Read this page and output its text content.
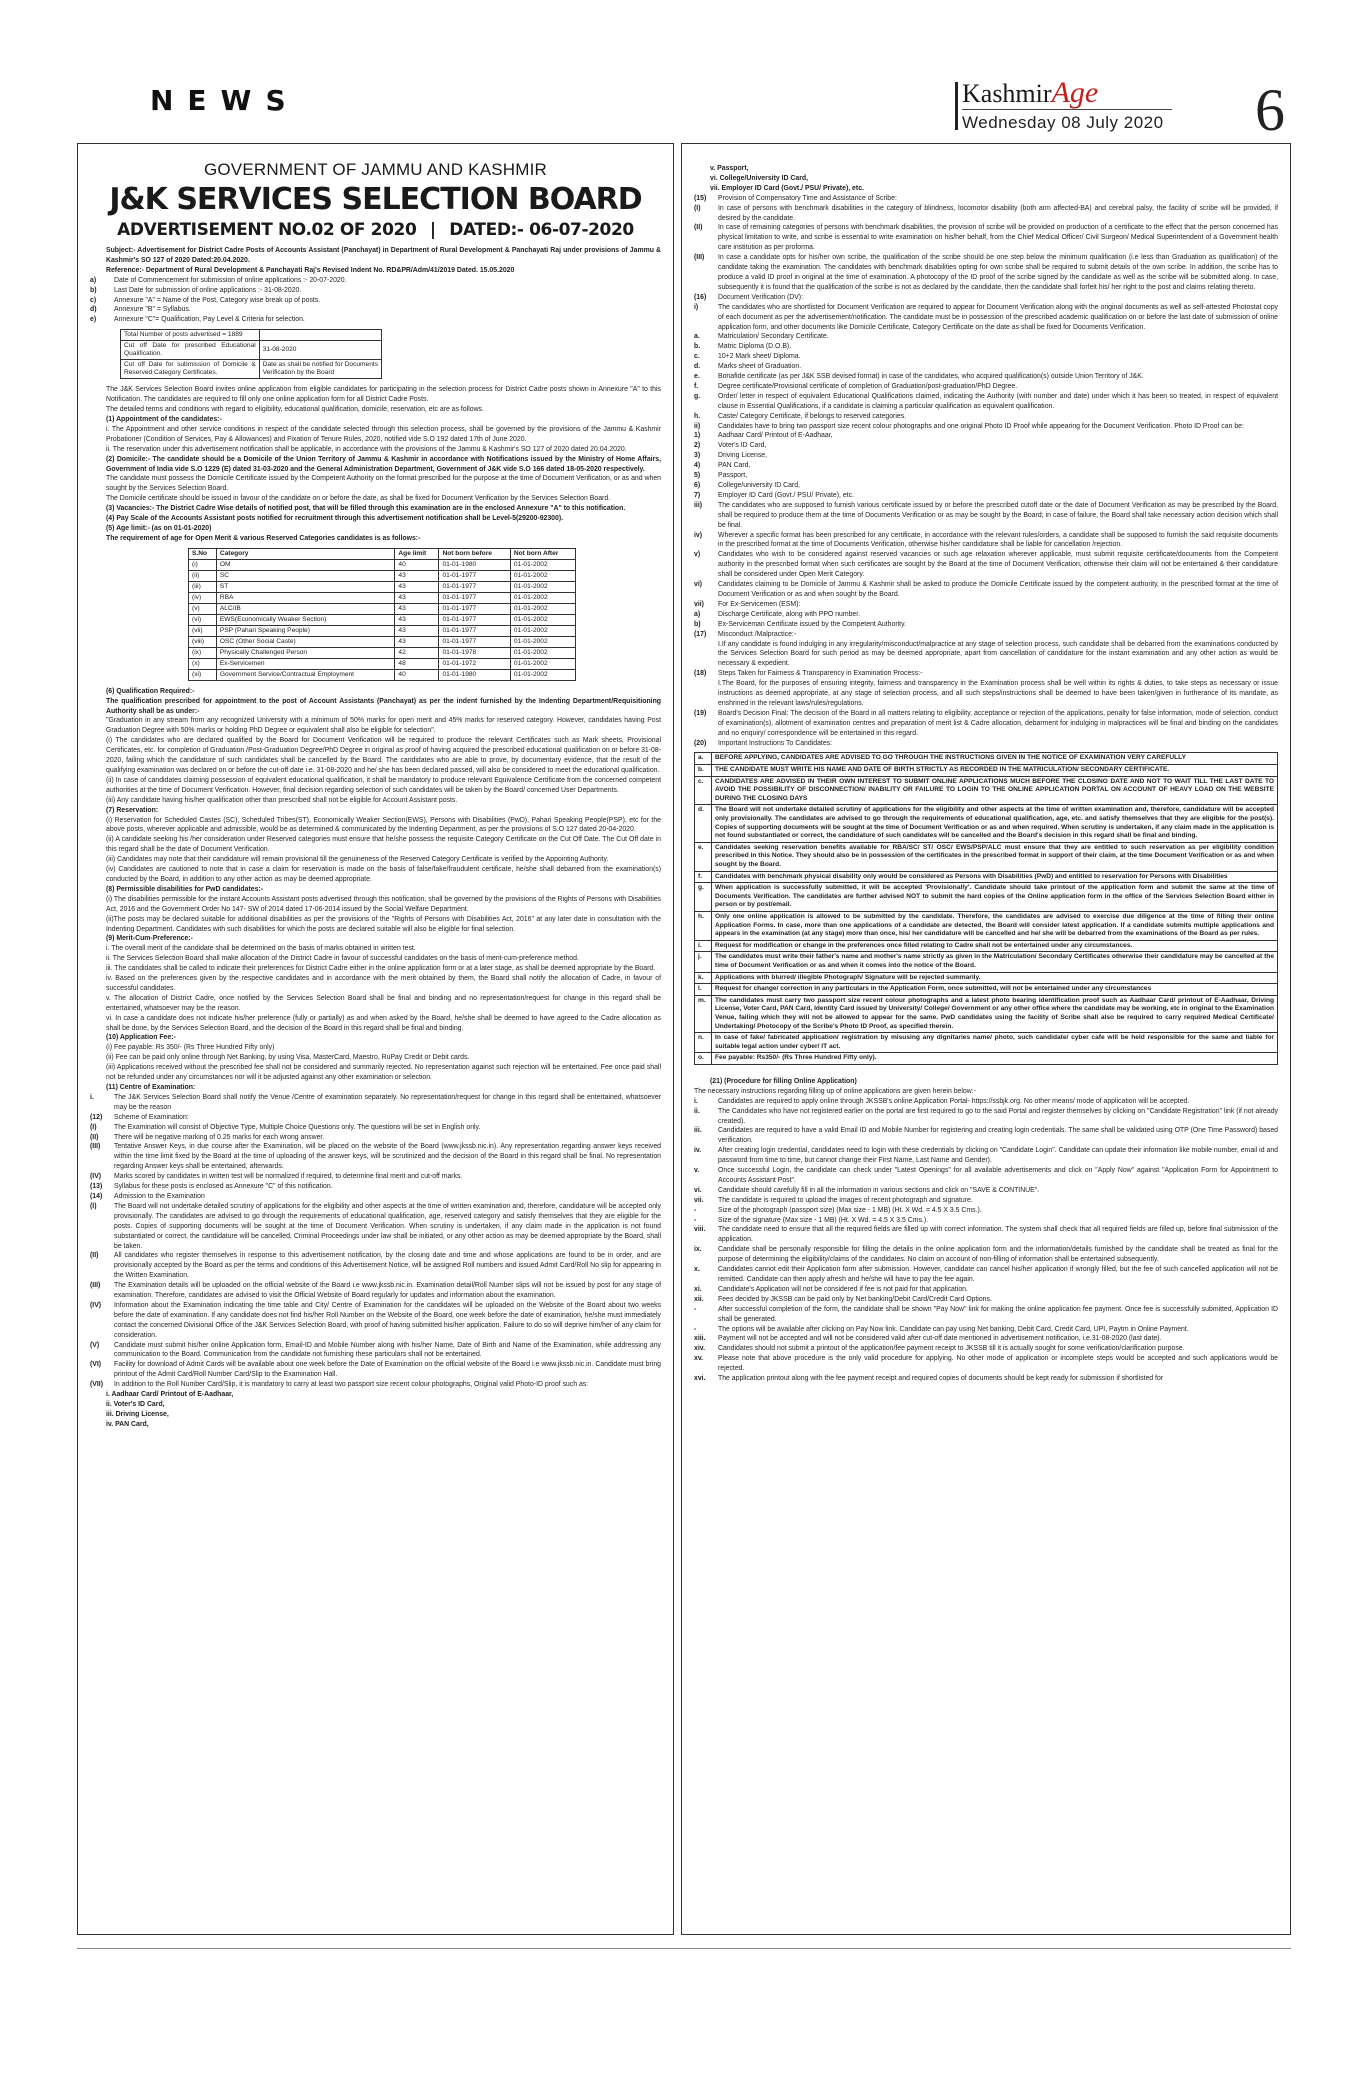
NEWS	KashmirAge
Wednesday 08 July 2020	6
GOVERNMENT OF JAMMU AND KASHMIR
J&K SERVICES SELECTION BOARD
ADVERTISEMENT NO.02 OF 2020 | DATED:- 06-07-2020

Subject:- Advertisement for District Cadre Posts of Accounts Assistant (Panchayat) in Department of Rural Development & Panchayati Raj under provisions of Jammu & Kashmir's SO 127 of 2020 Dated:20.04.2020.

Reference:- Department of Rural Development & Panchayati Raj's Revised Indent No. RD&PR/Adm/41/2019 Dated. 15.05.2020

a)	Date of Commencement for submission of online applications :- 20-07-2020.
b)	Last Date for submission of online applications :- 31-08-2020.
c)	Annexure "A" = Name of the Post, Category wise break up of posts.
d)	Annexure "B" = Syllabus.
e)	Annexure "C"= Qualification, Pay Level & Criteria for selection.
Total Number of posts advertised = 1889	
Cut off Date for prescribed Educational Qualification.	31-08-2020
Cut off Date for submission of Domicile & Reserved Category Certificates.	Date as shall be notified for Documents Verification by the Board

The J&K Services Selection Board invites online application from eligible candidates for participating in the selection process for District Cadre posts shown in Annexure "A" to this Notification. The candidates are required to fill only one online application form for all District Cadre Posts.

The detailed terms and conditions with regard to eligibility, educational qualification, domicile, reservation, etc are as follows.

(1) Appointment of the candidates:-

i. The Appointment and other service conditions in respect of the candidate selected through this selection process, shall be governed by the provisions of the Jammu & Kashmir Probationer (Condition of Services, Pay & Allowances) and Fixation of Tenure Rules, 2020, notified vide S.O 192 dated 17th of June 2020.

ii. The reservation under this advertisement notification shall be applicable, in accordance with the provisions of the Jammu & Kashmir's SO 127 of 2020 dated 20.04.2020.

(2) Domicile:- The candidate should be a Domicile of the Union Territory of Jammu & Kashmir in accordance with Notifications issued by the Ministry of Home Affairs, Government of India vide S.O 1229 (E) dated 31-03-2020 and the General Administration Department, Government of J&K vide S.O 166 dated 18-05-2020 respectively.

The candidate must possess the Domicile Certificate issued by the Competent Authority on the format prescribed for the purpose at the time of Document Verification, or as and when sought by the Services Selection Board.

The Domicile certificate should be issued in favour of the candidate on or before the date, as shall be fixed for Document Verification by the Services Selection Board.

(3) Vacancies:- The District Cadre Wise details of notified post, that will be filled through this examination are in the enclosed Annexure "A" to this notification.

(4) Pay Scale of the Accounts Assistant posts notified for recruitment through this advertisement notification shall be Level-5(29200-92300).

(5) Age limit:- (as on 01-01-2020)

The requirement of age for Open Merit & various Reserved Categories candidates is as follows:-

S.No	Category	Age limit	Not born before	Not born After
(i)	OM	40	01-01-1980	01-01-2002
(ii)	SC	43	01-01-1977	01-01-2002
(iii)	ST	43	01-01-1977	01-01-2002
(iv)	RBA	43	01-01-1977	01-01-2002
(v)	ALC/IB	43	01-01-1977	01-01-2002
(vi)	EWS(Economically Weaker Section)	43	01-01-1977	01-01-2002
(vii)	PSP (Pahari Speaking People)	43	01-01-1977	01-01-2002
(viii)	OSC (Other Social Caste)	43	01-01-1977	01-01-2002
(ix)	Physically Challenged Person	42	01-01-1978	01-01-2002
(x)	Ex-Servicemen	48	01-01-1972	01-01-2002
(xi)	Government Service/Contractual Employment	40	01-01-1980	01-01-2002

(6) Qualification Required:-

The qualification prescribed for appointment to the post of Account Assistants (Panchayat) as per the indent furnished by the Indenting Department/Requisitioning Authority shall be as under:-

"Graduation in any stream from any recognized University with a minimum of 50% marks for open merit and 45% marks for reserved category. However, candidates having Post Graduation Degree with 50% marks or holding PhD Degree or equivalent shall also be eligible for selection".

(i) The candidates who are declared qualified by the Board for Document Verification will be required to produce the relevant Certificates such as Mark sheets, Provisional Certificates, etc. for completion of Graduation /Post-Graduation Degree/PhD Degree in original as proof of having acquired the prescribed educational qualification on or before 31-08-2020, failing which the candidature of such candidates shall be cancelled by the Board. The candidates who are able to prove, by documentary evidence, that the result of the qualifying examination was declared on or before the cut-off date i.e. 31-08-2020 and he/ she has been declared passed, will also be considered to meet the educational qualification.

(ii) In case of candidates claiming possession of equivalent educational qualification, it shall be mandatory to produce relevant Equivalence Certificate from the concerned competent authorities at the time of Document Verification. However, final decision regarding selection of such candidates will be taken by the Board/ concerned User Departments.

(iii) Any candidate having his/her qualification other than prescribed shall not be eligible for Account Assistant posts.

(7) Reservation:

(i) Reservation for Scheduled Castes (SC), Scheduled Tribes(ST), Economically Weaker Section(EWS), Persons with Disabilities (PwD), Pahari Speaking People(PSP), etc for the above posts, wherever applicable and admissible, would be as determined & communicated by the Indenting Department, as per the provisions of S.O 127 dated 20-04-2020.

(ii) A candidate seeking his /her consideration under Reserved categories must ensure that he/she possess the requisite Category Certificate on the Cut Off Date. The Cut Off date in this regard shall be the date of Document Verification.

(iii) Candidates may note that their candidature will remain provisional till the genuineness of the Reserved Category Certificate is verified by the Appointing Authority.

(iv) Candidates are cautioned to note that in case a claim for reservation is made on the basis of false/fake/fraudulent certificate, he/she shall debarred from the examination(s) conducted by the Board, in addition to any other action as may be deemed appropriate.

(8) Permissible disabilities for PwD candidates:-

(i) The disabilities permissible for the instant Accounts Assistant posts advertised through this notification, shall be governed by the provisions of the Rights of Persons with Disabilities Act, 2016 and the Government Order No 147- SW of 2014 dated 17-06-2014 issued by the Social Welfare Department.

(ii)The posts may be declared suitable for additional disabilities as per the provisions of the "Rights of Persons with Disabilities Act, 2016" at any later date in consultation with the Indenting Department. Candidates with such disabilities for which the posts are declared suitable will also be eligible for final selection.

(9) Merit-Cum-Preference:-

i. The overall merit of the candidate shall be determined on the basis of marks obtained in written test.

ii. The Services Selection Board shall make allocation of the District Cadre in favour of successful candidates on the basis of merit-cum-preference method.

iii. The candidates shall be called to indicate their preferences for District Cadre either in the online application form or at a later stage, as shall be deemed appropriate by the Board.

iv. Based on the preferences given by the respective candidates and in accordance with the merit obtained by them, the Board shall notify the allocation of Cadre, in favour of successful candidates.

v. The allocation of District Cadre, once notified by the Services Selection Board shall be final and binding and no representation/request for change in this regard shall be entertained, whatsoever may be the reason.

vi. In case a candidate does not indicate his/her preference (fully or partially) as and when asked by the Board, he/she shall be deemed to have agreed to the Cadre allocation as shall be done, by the Services Selection Board, and the decision of the Board in this regard shall be final and binding.

(10) Application Fee:-

(i) Fee payable: Rs 350/- (Rs Three Hundred Fifty only)

(ii) Fee can be paid only online through Net Banking, by using Visa, MasterCard, Maestro, RuPay Credit or Debit cards.

(iii) Applications received without the prescribed fee shall not be considered and summarily rejected. No representation against such rejection will be entertained. Fee once paid shall not be refunded under any circumstances nor will it be adjusted against any other examination or selection.

(11) Centre of Examination:

i.	The J&K Services Selection Board shall notify the Venue /Centre of examination separately. No representation/request for change in this regard shall be entertained, whatsoever may be the reason
(12)	Scheme of Examination:
(I)	The Examination will consist of Objective Type, Multiple Choice Questions only. The questions will be set in English only.
(II)	There will be negative marking of 0.25 marks for each wrong answer.
(III)	Tentative Answer Keys, in due course after the Examination, will be placed on the website of the Board (www.jkssb.nic.in). Any representation regarding answer keys received within the time limit fixed by the Board at the time of uploading of the answer keys, will be scrutinized and the decision of the Board in this regard shall be final. No representation regarding Answer keys shall be entertained, afterwards.
(IV)	Marks scored by candidates in written test will be normalized if required, to determine final merit and cut-off marks.
(13)	Syllabus for these posts is enclosed as Annexure "C" of this notification.
(14)	Admission to the Examination
(I)	The Board will not undertake detailed scrutiny of applications for the eligibility and other aspects at the time of written examination and, therefore, candidature will be accepted only provisionally. The candidates are advised to go through the requirements of educational qualification, age, reserved category and satisfy themselves that they are eligible for the posts. Copies of supporting documents will be sought at the time of Document Verification. When scrutiny is undertaken, if any claim made in the application is not found substantiated or correct, the candidature will be cancelled, Criminal Proceedings under law shall be initiated, or any other action as may be deemed appropriate by the Board, shall be taken.
(II)	All candidates who register themselves in response to this advertisement notification, by the closing date and time and whose applications are found to be in order, and are provisionally accepted by the Board as per the terms and conditions of this Advertisement Notice, will be assigned Roll numbers and issued Admit Card/Roll No slip for appearing in the Written Examination.
(III)	The Examination details will be uploaded on the official website of the Board i.e www.jkssb.nic.in. Examination detail/Roll Number slips will not be issued by post for any stage of examination. Therefore, candidates are advised to visit the Official Website of Board regularly for updates and information about the examination.
(IV)	Information about the Examination indicating the time table and City/ Centre of Examination for the candidates will be uploaded on the Website of the Board about two weeks before the date of examination. If any candidate does not find his/her Roll Number on the Website of the Board, one week before the date of examination, he/she must immediately contact the concerned Divisional Office of the J&K Services Selection Board, with proof of having submitted his/her application. Failure to do so will deprive him/her of any claim for consideration.
(V)	Candidate must submit his/her online Application form, Email-ID and Mobile Number along with his/her Name, Date of Birth and Name of the Examination, while addressing any communication to the Board. Communication from the candidate not furnishing these particulars shall not be entertained.
(VI)	Facility for download of Admit Cards will be available about one week before the Date of Examination on the official website of the Board i.e www.jkssb.nic.in. Candidate must bring printout of the Admit Card/Roll Number Card/Slip to the Examination Hall.
(VII)	In addition to the Roll Number Card/Slip, it is mandatory to carry at least two passport size recent colour photographs, Original valid Photo-ID proof such as:

i. Aadhaar Card/ Printout of E-Aadhaar,

ii. Voter's ID Card,

iii. Driving License,

iv. PAN Card,

v. Passport,

vi. College/University ID Card,

vii. Employer ID Card (Govt./ PSU/ Private), etc.

(15)	Provision of Compensatory Time and Assistance of Scribe:
(I)	In case of persons with benchmark disabilities in the category of blindness, locomotor disability (both arm affected-BA) and cerebral palsy, the facility of scribe will be provided, if desired by the candidate.
(II)	In case of remaining categories of persons with benchmark disabilities, the provision of scribe will be provided on production of a certificate to the effect that the person concerned has physical limitation to write, and scribe is essential to write examination on his/her behalf, from the Chief Medical Officer/ Civil Surgeon/ Medical Superintendent of a Government health care institution as per proforma.
(III)	In case a candidate opts for his/her own scribe, the qualification of the scribe should be one step below the minimum qualification (i.e less than Graduation as qualification) of the candidate taking the examination. The candidates with benchmark disabilities opting for own scribe shall be required to submit details of the own scribe. In addition, the scribe has to produce a valid ID proof in original at the time of examination. A photocopy of the ID proof of the scribe signed by the candidate as well as the scribe will be submitted along. In case, subsequently it is found that the qualification of the scribe is not as declared by the candidate, then the candidate shall forfeit his/ her right to the post and claims relating thereto.
(16)	Document Verification (DV):
i)	The candidates who are shortlisted for Document Verification are required to appear for Document Verification along with the original documents as well as self-attested Photostat copy of each document as per the advertisement/notification. The candidate must be in possession of the prescribed academic qualification on or before the last date of submission of online application form, and other documents like Domicile Certificate, Category Certificate on the date as shall be fixed for Documents Verification.
a.	Matriculation/ Secondary Certificate.
b.	Matric Diploma (D.O.B).
c.	10+2 Mark sheet/ Diploma.
d.	Marks sheet of Graduation.
e.	Bonafide certificate (as per J&K SSB devised format) in case of the candidates, who acquired qualification(s) outside Union Territory of J&K.
f.	Degree certificate/Provisional certificate of completion of Graduation/post-graduation/PhD Degree.
g.	Order/ letter in respect of equivalent Educational Qualifications claimed, indicating the Authority (with number and date) under which it has been so treated, in respect of equivalent clause in Essential Qualifications, if a candidate is claiming a particular qualification as equivalent qualification.
h.	Caste/ Category Certificate, if belongs to reserved categories.
ii)	Candidates have to bring two passport size recent colour photographs and one original Photo ID Proof while appearing for the Document Verification. Photo ID Proof can be:
1)	Aadhaar Card/ Printout of E-Aadhaar,
2)	Voter's ID Card,
3)	Driving License,
4)	PAN Card,
5)	Passport,
6)	College/university ID Card,
7)	Employer ID Card (Govt./ PSU/ Private), etc.
iii)	The candidates who are supposed to furnish various certificate issued by or before the prescribed cutoff date or the date of Document Verification as may be prescribed by the Board, shall be required to produce them at the time of Documents Verification or as may be sought by the Board; in case of failure, the Board shall take necessary action decision which shall be final.
iv)	Wherever a specific format has been prescribed for any certificate, in accordance with the relevant rules/orders, a candidate shall be supposed to furnish the said requisite documents in the prescribed format at the time of Documents Verification, otherwise his/her candidature shall be liable for cancellation /rejection.
v)	Candidates who wish to be considered against reserved vacancies or such age relaxation wherever applicable, must submit requisite certificate/documents from the Competent authority in the prescribed format when such certificates are sought by the Board at the time of Document Verification, otherwise their claim will not be entertained & their candidature shall be considered under Open Merit Category.
vi)	Candidates claiming to be Domicile of Jammu & Kashmir shall be asked to produce the Domicile Certificate issued by the competent authority, in the prescribed format at the time of Document Verification or as and when sought by the Board.
vii)	For Ex-Servicemen (ESM):
a)	Discharge Certificate, along with PPO number.
b)	Ex-Serviceman Certificate issued by the Competent Authority.
(17)	Misconduct /Malpractice:-
I.If any candidate is found indulging in any irregularity/misconduct/malpractice at any stage of selection process, such candidate shall be debarred from the examinations conducted by the Services Selection Board for such period as may be deemed appropriate, apart from cancellation of candidature for the instant examination and any other action as would be necessary & expedient.
(18)	Steps Taken for Fairness & Transparency in Examination Process:-
I.The Board, for the purposes of ensuring integrity, fairness and transparency in the Examination process shall be well within its rights & duties, to take steps as necessary or issue instructions as deemed appropriate, at any stage of selection process, and all such steps/instructions shall be deemed to have been taken/given in furtherance of its mandate, as enshrined in the relevant laws/rules/regulations.
(19)	Board's Decision Final: The decision of the Board in all matters relating to eligibility, acceptance or rejection of the applications, penalty for false information, mode of selection, conduct of examination(s), allotment of examination centres and preparation of merit list & Cadre allocation, debarment for indulging in malpractices will be final and binding on the candidates and no enquiry/ correspondence will be entertained in this regard.
(20)	Important Instructions To Candidates:
a.	BEFORE APPLYING, CANDIDATES ARE ADVISED TO GO THROUGH THE INSTRUCTIONS GIVEN IN THE NOTICE OF EXAMINATION VERY CAREFULLY
b.	THE CANDIDATE MUST WRITE HIS NAME AND DATE OF BIRTH STRICTLY AS RECORDED IN THE MATRICULATION/ SECONDARY CERTIFICATE.
c.	CANDIDATES ARE ADVISED IN THEIR OWN INTEREST TO SUBMIT ONLINE APPLICATIONS MUCH BEFORE THE CLOSING DATE AND NOT TO WAIT TILL THE LAST DATE TO AVOID THE POSSIBILITY OF DISCONNECTION/ INABILITY OR FAILURE TO LOGIN TO THE ONLINE APPLICATION PORTAL ON ACCOUNT OF HEAVY LOAD ON THE WEBSITE DURING THE CLOSING DAYS
d.	The Board will not undertake detailed scrutiny of applications for the eligibility and other aspects at the time of written examination and, therefore, candidature will be accepted only provisionally. The candidates are advised to go through the requirements of educational qualification, age, etc. and satisfy themselves that they are eligible for the post(s). Copies of supporting documents will be sought at the time of Document Verification or as and when required. When scrutiny is undertaken, if any claim made in the application is not found substantiated or correct, the candidature of such candidates will be cancelled and the Board's decision in this regard shall be final and binding.
e.	Candidates seeking reservation benefits available for RBA/SC/ ST/ OSC/ EWS/PSP/ALC must ensure that they are entitled to such reservation as per eligibility condition prescribed in this Notice. They should also be in possession of the certificates in the prescribed format in support of their claim, at the time Document Verification or as and when sought by the Board.
f.	Candidates with benchmark physical disability only would be considered as Persons with Disabilities (PwD) and entitled to reservation for Persons with Disabilities
g.	When application is successfully submitted, it will be accepted 'Provisionally'. Candidate should take printout of the application form and submit the same at the time of Documents Verification. The candidates are further advised NOT to submit the hard copies of the Online application form in the office of the Services Selection Board either in person or by post/email.
h.	Only one online application is allowed to be submitted by the candidate. Therefore, the candidates are advised to exercise due diligence at the time of filling their online Application Forms. In case, more than one applications of a candidate are detected, the Board will consider latest application. If a candidate submits multiple applications and appears in the examination (at any stage) more than once, his/ her candidature will be cancelled and he/ she will be debarred from the examinations of the Board as per rules.
i.	Request for modification or change in the preferences once filled relating to Cadre shall not be entertained under any circumstances.
j.	The candidates must write their father's name and mother's name strictly as given in the Matriculation/ Secondary Certificates otherwise their candidature may be cancelled at the time of Document Verification or as and when it comes into the notice of the Board.
k.	Applications with blurred/ illegible Photograph/ Signature will be rejected summarily.
l.	Request for change/ correction in any particulars in the Application Form, once submitted, will not be entertained under any circumstances
m.	The candidates must carry two passport size recent colour photographs and a latest photo bearing identification proof such as Aadhaar Card/ printout of E-Aadhaar, Driving License, Voter Card, PAN Card, Identity Card issued by University/ College/ Government or any other office where the candidate may be working, etc in original to the Examination Venue, failing which they will not be allowed to appear for the same. PwD candidates using the facility of Scribe shall also be required to carry required Medical Certificate/ Undertaking/ Photocopy of the Scribe's Photo ID Proof, as specified therein.
n.	In case of fake/ fabricated application/ registration by misusing any dignitaries name/ photo, such candidate/ cyber cafe will be held responsible for the same and liable for suitable legal action under cyber/ IT act.
o.	Fee payable: Rs350/- (Rs Three Hundred Fifty only).

(21) (Procedure for filling Online Application)

The necessary instructions regarding filling up of online applications are given herein below:-

i.	Candidates are required to apply online through JKSSB's online Application Portal- https://ssbjk.org. No other means/ mode of application will be accepted.
ii.	The Candidates who have not registered earlier on the portal are first required to go to the said Portal and register themselves by clicking on "Candidate Registration" link (if not already created).
iii.	Candidates are required to have a valid Email ID and Mobile Number for registering and creating login credentials. The same shall be validated using OTP (One Time Password) based verification.
iv.	After creating login credential, candidates need to login with these credentials by clicking on "Candidate Login". Candidate can update their information like mobile number, email id and password from time to time, but cannot change their First Name, Last Name and Gender).
v.	Once successful Login, the candidate can check under "Latest Openings" for all available advertisements and click on "Apply Now" against "Application Form for Appointment to Accounts Assistant Post".
vi.	Candidate should carefully fill in all the information in various sections and click on "SAVE & CONTINUE".
vii.	The candidate is required to upload the images of recent photograph and signature.
-	Size of the photograph (passport size) (Max size - 1 MB) (Ht. X Wd. = 4.5 X 3.5 Cms.).
-	Size of the signature (Max size - 1 MB) (Ht. X Wd. = 4.5 X 3.5 Cms.).
viii.	The candidate need to ensure that all the required fields are filled up with correct information. The system shall check that all required fields are filled up, before final submission of the application.
ix.	Candidate shall be personally responsible for filling the details in the online application form and the information/details furnished by the candidate shall be treated as final for the purpose of determining the eligibility/claims of the candidates. No claim on account of non-filling of information shall be entertained subsequently.
x.	Candidates cannot edit their Application form after submission. However, candidate can cancel his/her application if wrongly filled, but the fee of such cancelled application will not be remitted. Candidate can then apply afresh and he/she will have to pay the fee again.
xi.	Candidate's Application will not be considered if fee is not paid for that application.
xii.	Fees decided by JKSSB can be paid only by Net banking/Debit Card/Credit Card Options.
-	After successful completion of the form, the candidate shall be shown "Pay Now" link for making the online application fee payment. Once fee is successfully submitted, Application ID shall be generated.
-	The options will be available after clicking on Pay Now link. Candidate can pay using Net banking, Debit Card, Credit Card, UPI, Paytm in Online Payment.
xiii.	Payment will not be accepted and will not be considered valid after cut-off date mentioned in advertisement notification, i.e.31-08-2020 (last date).
xiv.	Candidates should not submit a printout of the application/fee payment receipt to JKSSB till it is actually sought for some verification/clarification purpose.
xv.	Please note that above procedure is the only valid procedure for applying. No other mode of application or incomplete steps would be accepted and such applications would be rejected.
xvi.	The application printout along with the fee payment receipt and required copies of documents should be kept ready for submission if shortlisted for
